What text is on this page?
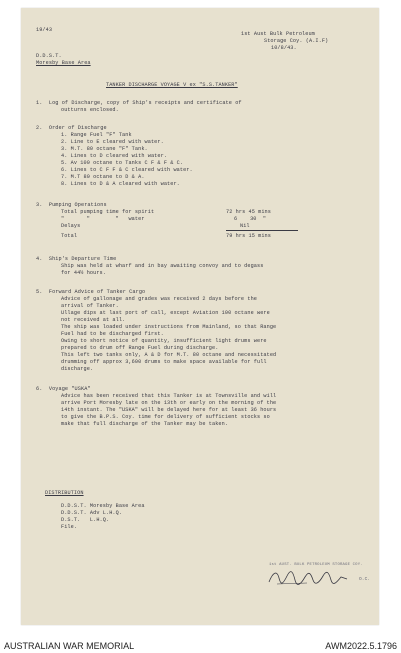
19/43
1st Aust Bulk Petroleum
Storage Coy. (A.I.F)
10/8/43.
D.D.S.T.
Moresby Base Area
TANKER DISCHARGE VOYAGE V ex "S.S.TANKER"
1.  Log of Discharge, copy of Ship's receipts and certificate of
outturns enclosed.
2.  Order of Discharge
1. Range Fuel "F" Tank
2. Line to E cleared with water.
3. M.T. 80 octane "F" Tank.
4. Lines to D cleared with water.
5. Av 100 octane to Tanks C F & F & C.
6. Lines to C F F & C cleared with water.
7. M.T 80 octane to D & A.
8. Lines to D & A cleared with water.
3.  Pumping Operations
Total pumping time for spirit	72 hrs 45 mins
"       "        "   water	6    30  "
Delays	Nil
Total	79 hrs 15 mins
4.  Ship's Departure Time
Ship was held at wharf and in bay awaiting convoy and to degass
for 44½ hours.
5.  Forward Advice of Tanker Cargo
Advice of gallonage and grades was received 2 days before the
arrival of Tanker.
Ullage dips at last port of call, except Aviation 100 octane were
not received at all.
The ship was loaded under instructions from Mainland, so that Range
Fuel had to be discharged first.
Owing to short notice of quantity, insufficient light drums were
prepared to drum off Range Fuel during discharge.
This left two tanks only, A & D for M.T. 80 octane and necessitated
drumming off approx 3,600 drums to make space available for full
discharge.
6.  Voyage "USKA"
Advice has been received that this Tanker is at Townsville and will
arrive Port Moresby late on the 13th or early on the morning of the
14th instant. The "USKA" will be delayed here for at least 36 hours
to give the B.P.S. Coy. time for delivery of sufficient stocks so
make that full discharge of the Tanker may be taken.
DISTRIBUTION
D.D.S.T. Moresby Base Area
D.D.S.T. Adv L.H.Q.
D.S.T.   L.H.Q.
File.
1st AUST. BULK PETROLEUM STORAGE COY.
O.C.
AUSTRALIAN WAR MEMORIAL	AWM2022.5.1796
